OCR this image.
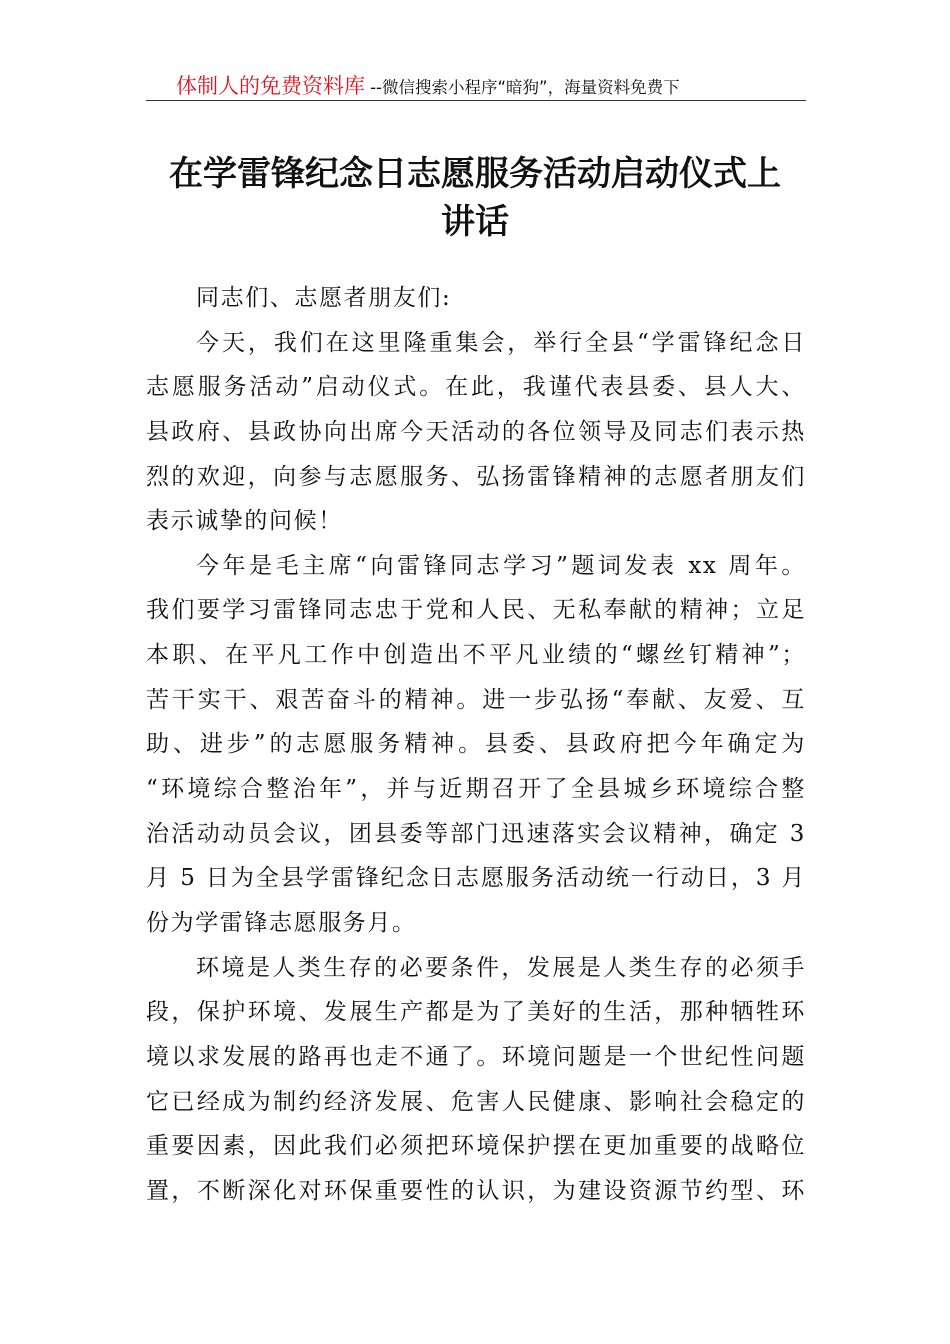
体制人的免费资料库 --微信搜索小程序“暗狗”，海量资料免费下
在学雷锋纪念日志愿服务活动启动仪式上
讲话
同志们、志愿者朋友们:
今天，我们在这里隆重集会，举行全县“学雷锋纪念日
志愿服务活动”启动仪式。在此，我谨代表县委、县人大、
县政府、县政协向出席今天活动的各位领导及同志们表示热
烈的欢迎，向参与志愿服务、弘扬雷锋精神的志愿者朋友们
表示诚挚的问候！
今年是毛主席“向雷锋同志学习”题词发表 xx 周年。
我们要学习雷锋同志忠于党和人民、无私奉献的精神；立足
本职、在平凡工作中创造出不平凡业绩的“螺丝钉精神”；
苦干实干、艰苦奋斗的精神。进一步弘扬“奉献、友爱、互
助、进步”的志愿服务精神。县委、县政府把今年确定为
“环境综合整治年”，并与近期召开了全县城乡环境综合整
治活动动员会议，团县委等部门迅速落实会议精神，确定 3
月 5 日为全县学雷锋纪念日志愿服务活动统一行动日，3 月
份为学雷锋志愿服务月。
环境是人类生存的必要条件，发展是人类生存的必须手
段，保护环境、发展生产都是为了美好的生活，那种牺牲环
境以求发展的路再也走不通了。环境问题是一个世纪性问题
它已经成为制约经济发展、危害人民健康、影响社会稳定的
重要因素，因此我们必须把环境保护摆在更加重要的战略位
置，不断深化对环保重要性的认识，为建设资源节约型、环
